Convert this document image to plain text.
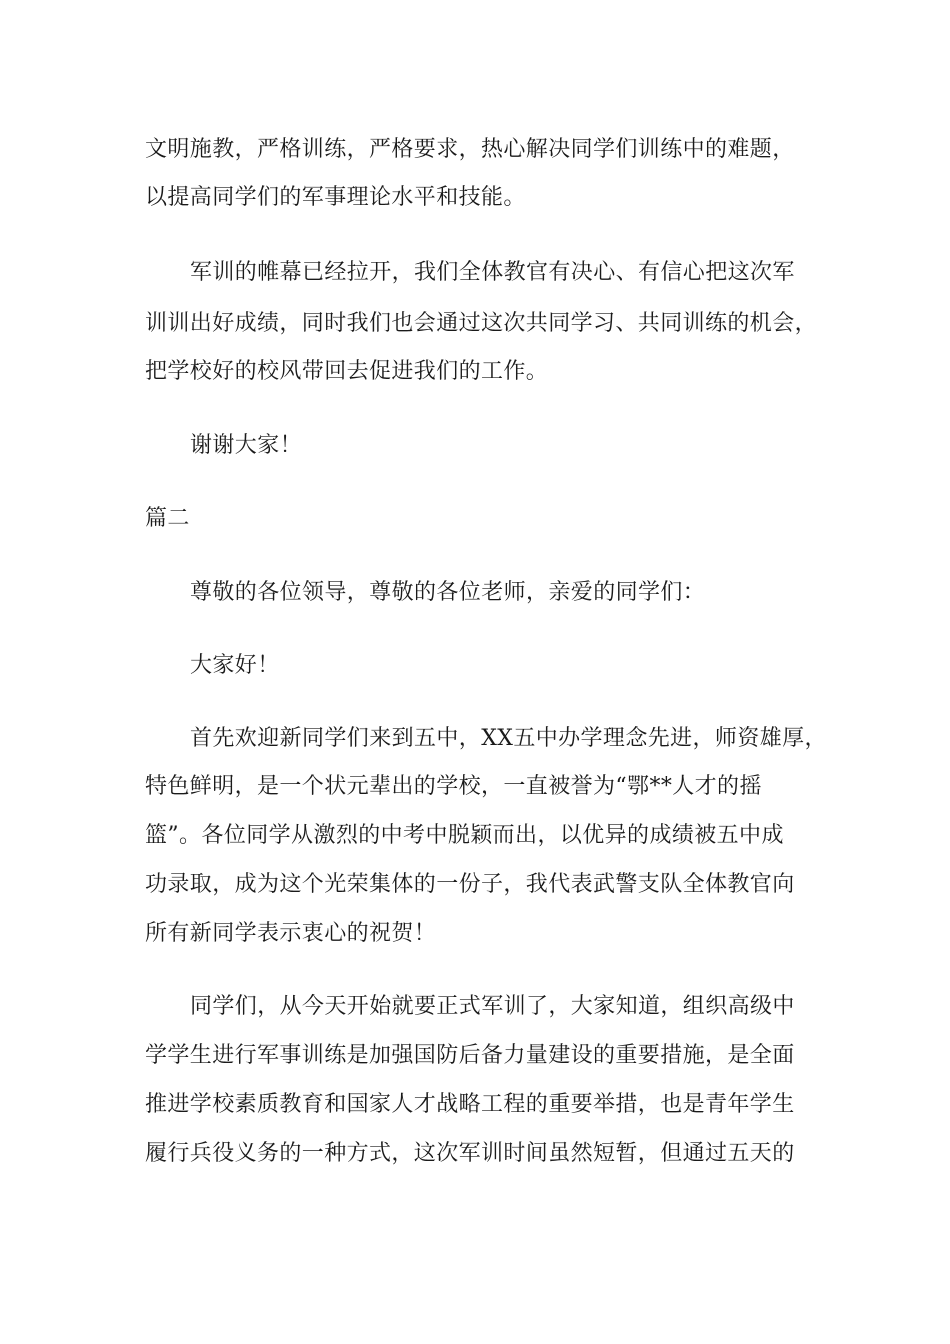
文明施教，严格训练，严格要求，热心解决同学们训练中的难题，
以提高同学们的军事理论水平和技能。
军训的帷幕已经拉开，我们全体教官有决心、有信心把这次军
训训出好成绩，同时我们也会通过这次共同学习、共同训练的机会，
把学校好的校风带回去促进我们的工作。
谢谢大家！
篇二
尊敬的各位领导，尊敬的各位老师，亲爱的同学们：
大家好！
首先欢迎新同学们来到五中，XX五中办学理念先进，师资雄厚，
特色鲜明，是一个状元辈出的学校，一直被誉为“鄂**人才的摇
篮”。各位同学从激烈的中考中脱颖而出，以优异的成绩被五中成
功录取，成为这个光荣集体的一份子，我代表武警支队全体教官向
所有新同学表示衷心的祝贺！
同学们，从今天开始就要正式军训了，大家知道，组织高级中
学学生进行军事训练是加强国防后备力量建设的重要措施，是全面
推进学校素质教育和国家人才战略工程的重要举措，也是青年学生
履行兵役义务的一种方式，这次军训时间虽然短暂，但通过五天的
